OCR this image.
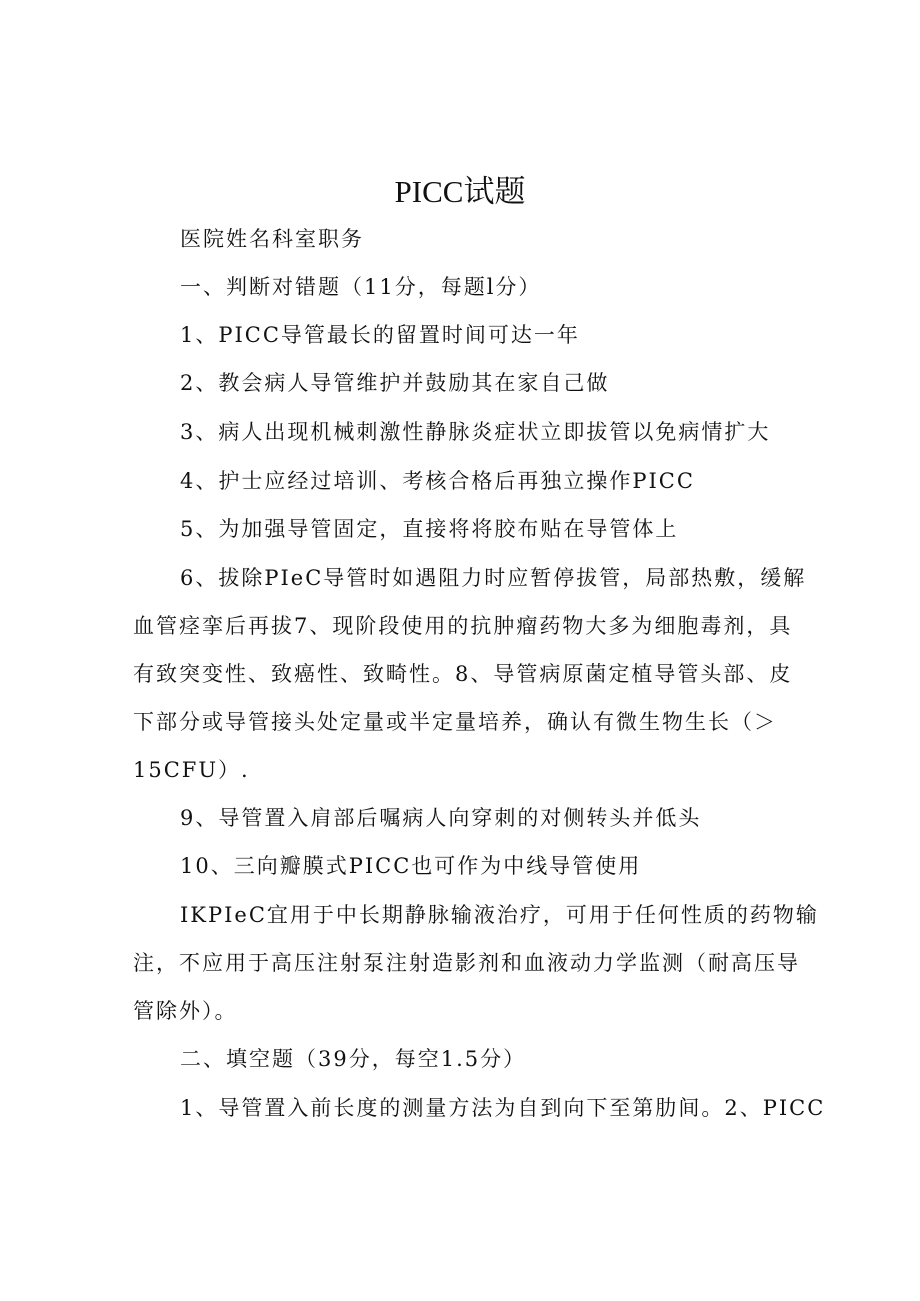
PICC试题
医院姓名科室职务
一、判断对错题（11分，每题l分）
1、PICC导管最长的留置时间可达一年
2、教会病人导管维护并鼓励其在家自己做
3、病人出现机械刺激性静脉炎症状立即拔管以免病情扩大
4、护士应经过培训、考核合格后再独立操作PICC
5、为加强导管固定，直接将将胶布贴在导管体上
6、拔除PIeC导管时如遇阻力时应暂停拔管，局部热敷，缓解
血管痉挛后再拔7、现阶段使用的抗肿瘤药物大多为细胞毒剂，具
有致突变性、致癌性、致畸性。8、导管病原菌定植导管头部、皮
下部分或导管接头处定量或半定量培养，确认有微生物生长（＞
15CFU）.
9、导管置入肩部后嘱病人向穿刺的对侧转头并低头
10、三向瓣膜式PICC也可作为中线导管使用
IKPIeC宜用于中长期静脉输液治疗，可用于任何性质的药物输
注，不应用于高压注射泵注射造影剂和血液动力学监测（耐高压导
管除外）。
二、填空题（39分，每空1.5分）
1、导管置入前长度的测量方法为自到向下至第肋间。2、PICC
